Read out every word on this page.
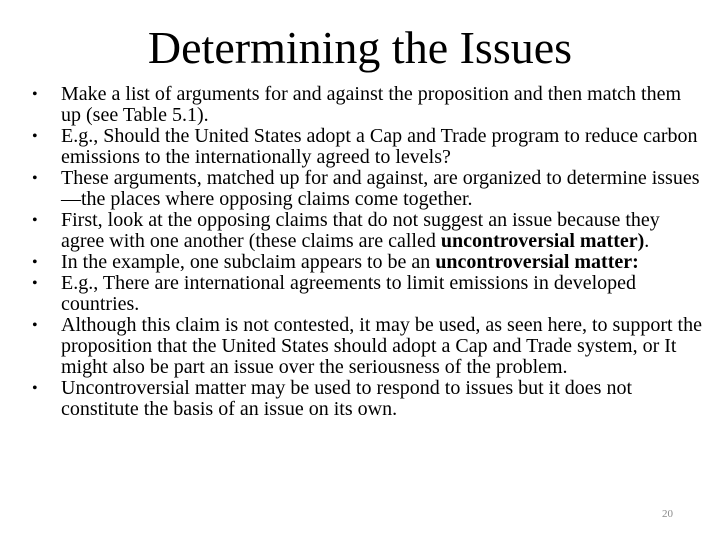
Determining the Issues
•	Make a list of arguments for and against the proposition and then match them up (see Table 5.1).
•	E.g., Should the United States adopt a Cap and Trade program to reduce carbon emissions to the internationally agreed to levels?
•	These arguments, matched up for and against, are organized to determine issues—the places where opposing claims come together.
•	First, look at the opposing claims that do not suggest an issue because they agree with one another (these claims are called uncontroversial matter).
•	In the example, one subclaim appears to be an uncontroversial matter:
•	E.g., There are international agreements to limit emissions in developed countries.
•	Although this claim is not contested, it may be used, as seen here, to support the proposition that the United States should adopt a Cap and Trade system, or It might also be part an issue over the seriousness of the problem.
•	Uncontroversial matter may be used to respond to issues but it does not constitute the basis of an issue on its own.
20
